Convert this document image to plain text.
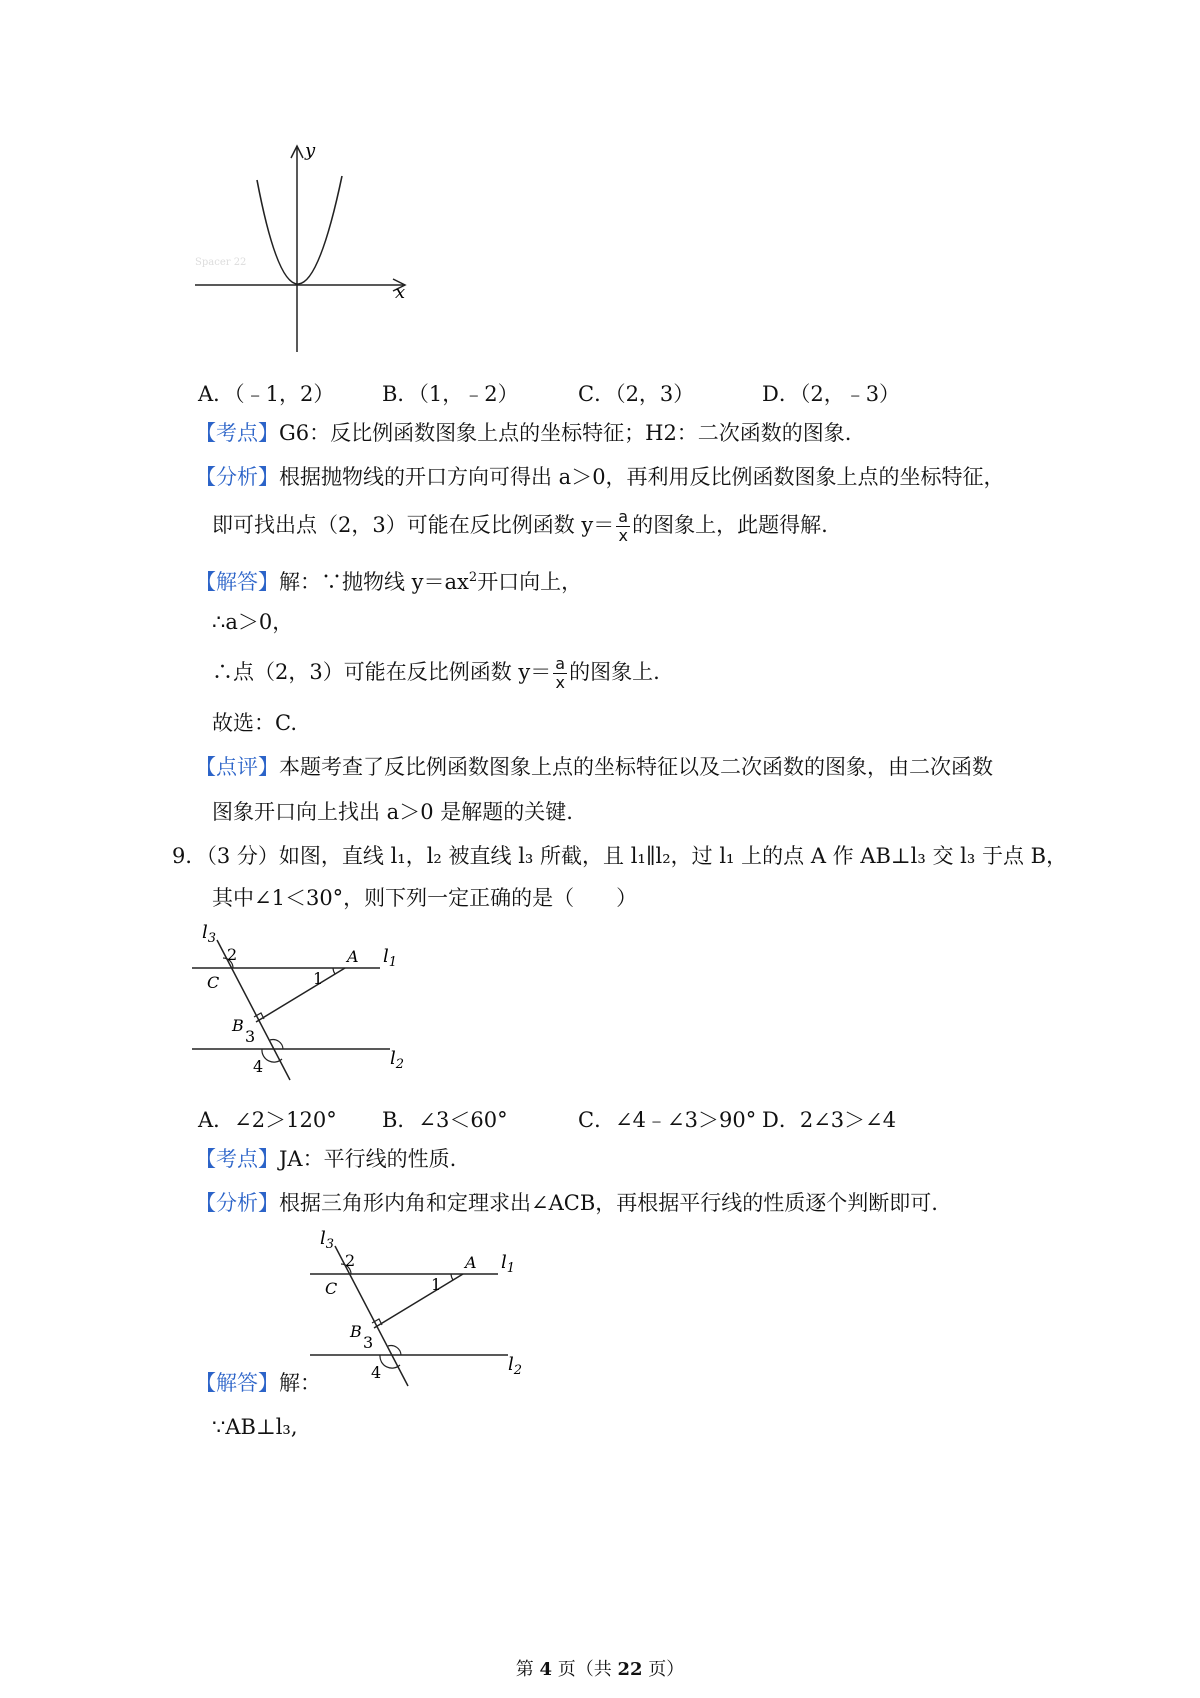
x
y
Spacer 22
A．（﹣1，2） B．（1，﹣2）	C．（2，3）	D．（2，﹣3）
【考点】G6：反比例函数图象上点的坐标特征；H2：二次函数的图象.
【分析】根据抛物线的开口方向可得出 a＞0，再利用反比例函数图象上点的坐标特征，
即可找出点（2，3）可能在反比例函数 $y= \frac{a}{x}$ 的图象上，此题得解.
【解答】解：∵抛物线 $y=ax^2$开口向上，
∴a＞0，
∴点（2，3）可能在反比例函数 $y= \frac{a}{x}$ 的图象上.
故选：C.
【点评】本题考查了反比例函数图象上点的坐标特征以及二次函数的图象，由二次函数
图象开口向上找出 a＞0 是解题的关键.
9．（3 分）如图，直线 l₁，l₂ 被直线 l₃ 所截，且 l₁∥l₂，过 l₁ 上的点 A 作 AB⊥l₃ 交 l₃ 于点 B，
其中∠1＜30°，则下列一定正确的是（　　）
$l_3$
$l_1$
$l_2$
A
C
B
1
2
3
4
A．∠2＞120° B．∠3＜60°	C．∠4﹣∠3＞90° D．2∠3＞∠4
【考点】JA：平行线的性质.
【分析】根据三角形内角和定理求出∠ACB，再根据平行线的性质逐个判断即可.
$l_3$
$l_1$
$l_2$
A
C
B
1
2
3
4
【解答】解：
∵AB⊥l₃,
第 4 页（共 22 页）
